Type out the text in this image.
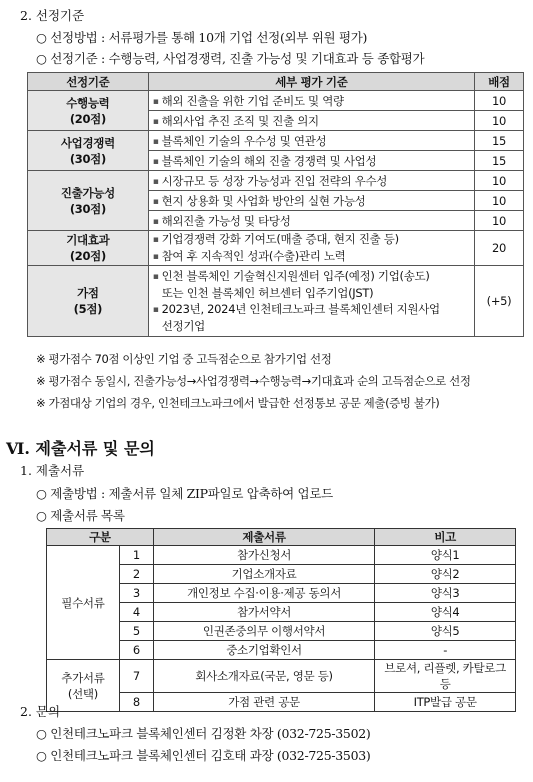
2. 선정기준
○ 선정방법 : 서류평가를 통해 10개 기업 선정(외부 위원 평가)
○ 선정기준 : 수행능력, 사업경쟁력, 진출 가능성 및 기대효과 등 종합평가
선정기준	세부 평가 기준	배점
수행능력
(20점)	▪ 해외 진출을 위한 기업 준비도 및 역량	10
	▪ 해외사업 추진 조직 및 진출 의지	10
사업경쟁력
(30점)	▪ 블록체인 기술의 우수성 및 연관성	15
	▪ 블록체인 기술의 해외 진출 경쟁력 및 사업성	15
진출가능성
(30점)	▪ 시장규모 등 성장 가능성과 진입 전략의 우수성	10
	▪ 현지 상용화 및 사업화 방안의 실현 가능성	10
	▪ 해외진출 가능성 및 타당성	10
기대효과
(20점)	▪ 기업경쟁력 강화 기여도(매출 증대, 현지 진출 등)
▪ 참여 후 지속적인 성과(수출)관리 노력	20
가점
(5점)	▪ 인천 블록체인 기술혁신지원센터 입주(예정) 기업(송도)
또는 인천 블록체인 허브센터 입주기업(JST)
▪ 2023년, 2024년 인천테크노파크 블록체인센터 지원사업
선정기업	(+5)
※ 평가점수 70점 이상인 기업 중 고득점순으로 참가기업 선정
※ 평가점수 동일시, 진출가능성→사업경쟁력→수행능력→기대효과 순의 고득점순으로 선정
※ 가점대상 기업의 경우, 인천테크노파크에서 발급한 선정통보 공문 제출(증빙 불가)
Ⅵ. 제출서류 및 문의
1. 제출서류
○ 제출방법 : 제출서류 일체 ZIP파일로 압축하여 업로드
○ 제출서류 목록
구분		제출서류	비고
필수서류	1	참가신청서	양식1
	2	기업소개자료	양식2
	3	개인정보 수집·이용·제공 동의서	양식3
	4	참가서약서	양식4
	5	인권존중의무 이행서약서	양식5
	6	중소기업확인서	-
추가서류
(선택)	7	회사소개자료(국문, 영문 등)	브로셔, 리플렛, 카탈로그 등
	8	가점 관련 공문	ITP발급 공문
2. 문의
○ 인천테크노파크 블록체인센터 김정환 차장 (032-725-3502)
○ 인천테크노파크 블록체인센터 김호태 과장 (032-725-3503)
